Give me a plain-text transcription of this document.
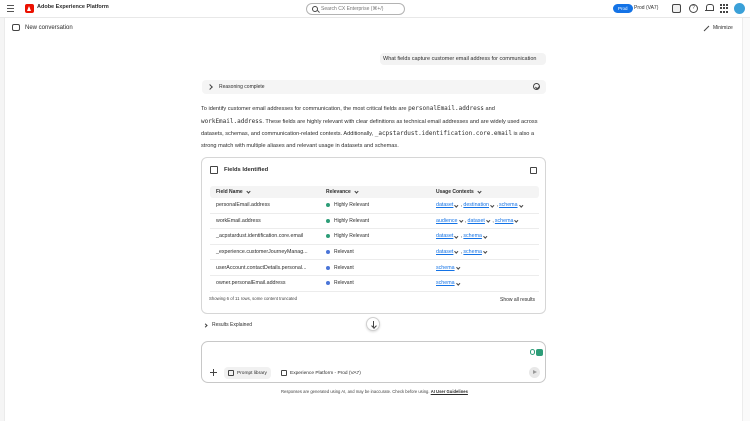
Adobe Experience Platform
Search CX Enterprise (⌘+/)	Prod	Prod (VA7)	?
New conversation	Minimize
What fields capture customer email address for communication
Reasoning complete
To identify customer email addresses for communication, the most critical fields are personalEmail.address and workEmail.address. These fields are highly relevant with clear definitions as technical email addresses and are widely used across datasets, schemas, and communication-related contexts. Additionally, _acpstardust.identification.core.email is also a strong match with multiple aliases and relevant usage in datasets and schemas.
Fields Identified
Field Name	Relevance	Usage Contexts
personalEmail.address	Highly Relevant	dataset , destination , schema
workEmail.address	Highly Relevant	audience , dataset , schema
_acpstardust.identification.core.email	Highly Relevant	dataset , schema
_experience.customerJourneyManag...	Relevant	dataset , schema
userAccount.contactDetails.personal...	Relevant	schema
owner.personalEmail.address	Relevant	schema
Showing 6 of 11 rows, some content truncated	Show all results
Results Explained
Prompt library	Experience Platform - Prod (VA7)
Responses are generated using AI, and may be inaccurate. Check before using. AI User Guidelines
